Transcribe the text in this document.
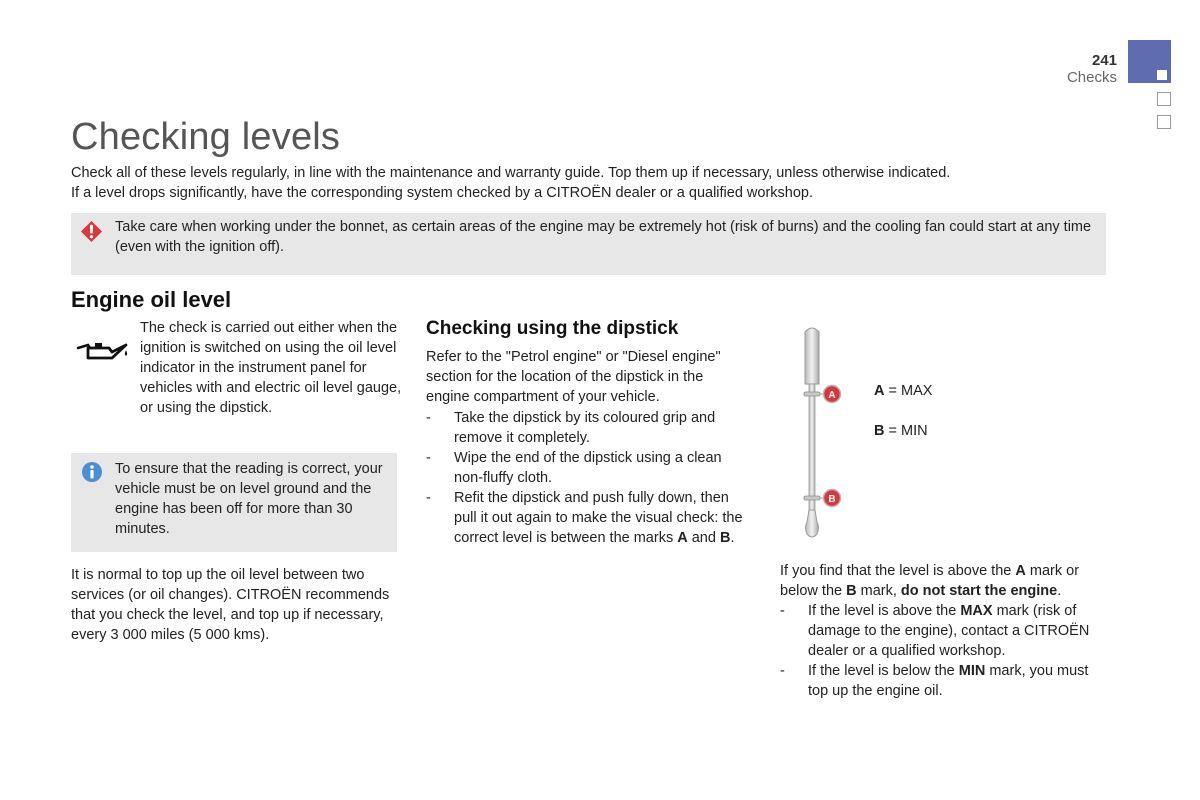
241
Checks
Checking levels

Check all of these levels regularly, in line with the maintenance and warranty guide. Top them up if necessary, unless otherwise indicated.

If a level drops significantly, have the corresponding system checked by a CITROËN dealer or a qualified workshop.

Take care when working under the bonnet, as certain areas of the engine may be extremely hot (risk of burns) and the cooling fan could start at any time (even with the ignition off).
Engine oil level
The check is carried out either when the ignition is switched on using the oil level indicator in the instrument panel for vehicles with and electric oil level gauge, or using the dipstick.
To ensure that the reading is correct, your vehicle must be on level ground and the engine has been off for more than 30 minutes.
It is normal to top up the oil level between two services (or oil changes). CITROËN recommends that you check the level, and top up if necessary, every 3 000 miles (5 000 kms).
Checking using the dipstick
Refer to the "Petrol engine" or "Diesel engine" section for the location of the dipstick in the engine compartment of your vehicle.
- Take the dipstick by its coloured grip and remove it completely.
- Wipe the end of the dipstick using a clean non-fluffy cloth.
- Refit the dipstick and push fully down, then pull it out again to make the visual check: the correct level is between the marks A and B.
A
B
A = MAX
B = MIN
If you find that the level is above the A mark or below the B mark, do not start the engine.
- If the level is above the MAX mark (risk of damage to the engine), contact a CITROËN dealer or a qualified workshop.
- If the level is below the MIN mark, you must top up the engine oil.
